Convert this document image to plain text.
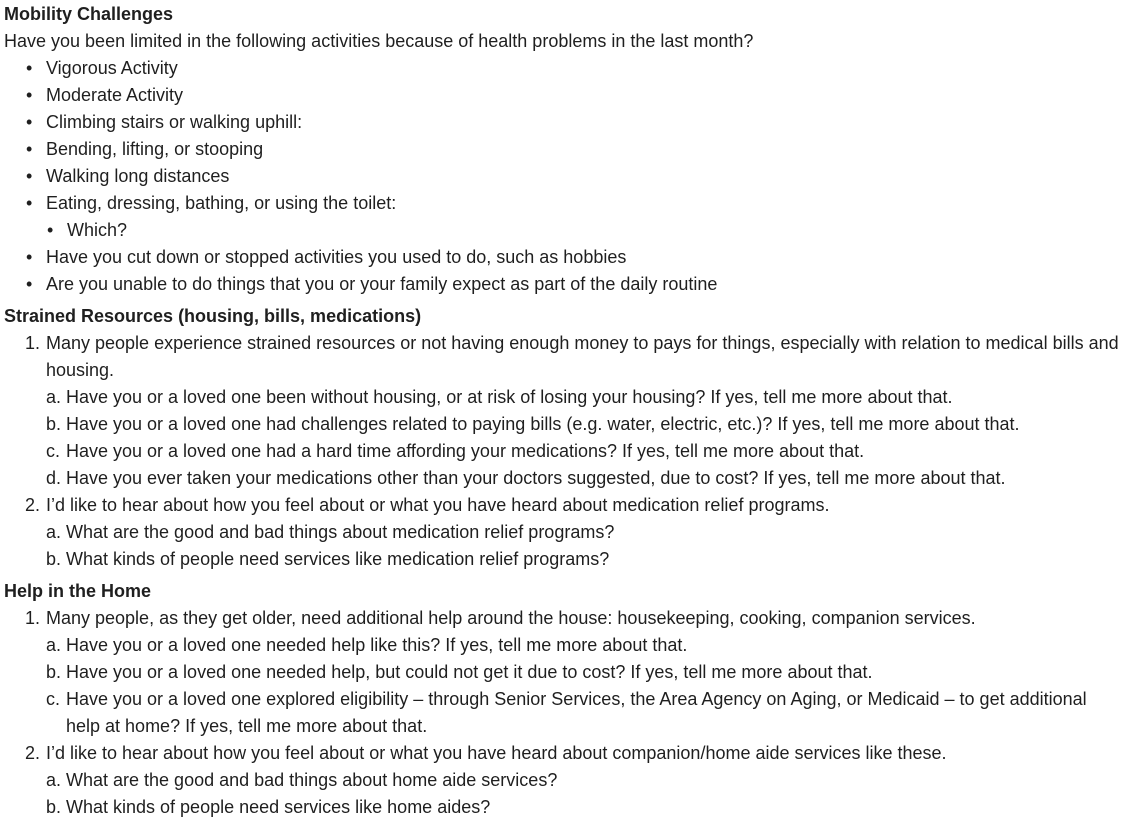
Mobility Challenges

Have you been limited in the following activities because of health problems in the last month?

• Vigorous Activity
• Moderate Activity
• Climbing stairs or walking uphill:
• Bending, lifting, or stooping
• Walking long distances
• Eating, dressing, bathing, or using the toilet:
• Which?
• Have you cut down or stopped activities you used to do, such as hobbies
• Are you unable to do things that you or your family expect as part of the daily routine

Strained Resources (housing, bills, medications)

1. Many people experience strained resources or not having enough money to pays for things, especially with relation to medical bills and housing.
a. Have you or a loved one been without housing, or at risk of losing your housing? If yes, tell me more about that.
b. Have you or a loved one had challenges related to paying bills (e.g. water, electric, etc.)? If yes, tell me more about that.
c. Have you or a loved one had a hard time affording your medications? If yes, tell me more about that.
d. Have you ever taken your medications other than your doctors suggested, due to cost? If yes, tell me more about that.
2. I’d like to hear about how you feel about or what you have heard about medication relief programs.
a. What are the good and bad things about medication relief programs?
b. What kinds of people need services like medication relief programs?

Help in the Home

1. Many people, as they get older, need additional help around the house: housekeeping, cooking, companion services.
a. Have you or a loved one needed help like this? If yes, tell me more about that.
b. Have you or a loved one needed help, but could not get it due to cost? If yes, tell me more about that.
c. Have you or a loved one explored eligibility – through Senior Services, the Area Agency on Aging, or Medicaid – to get additional help at home? If yes, tell me more about that.
2. I’d like to hear about how you feel about or what you have heard about companion/home aide services like these.
a. What are the good and bad things about home aide services?
b. What kinds of people need services like home aides?
